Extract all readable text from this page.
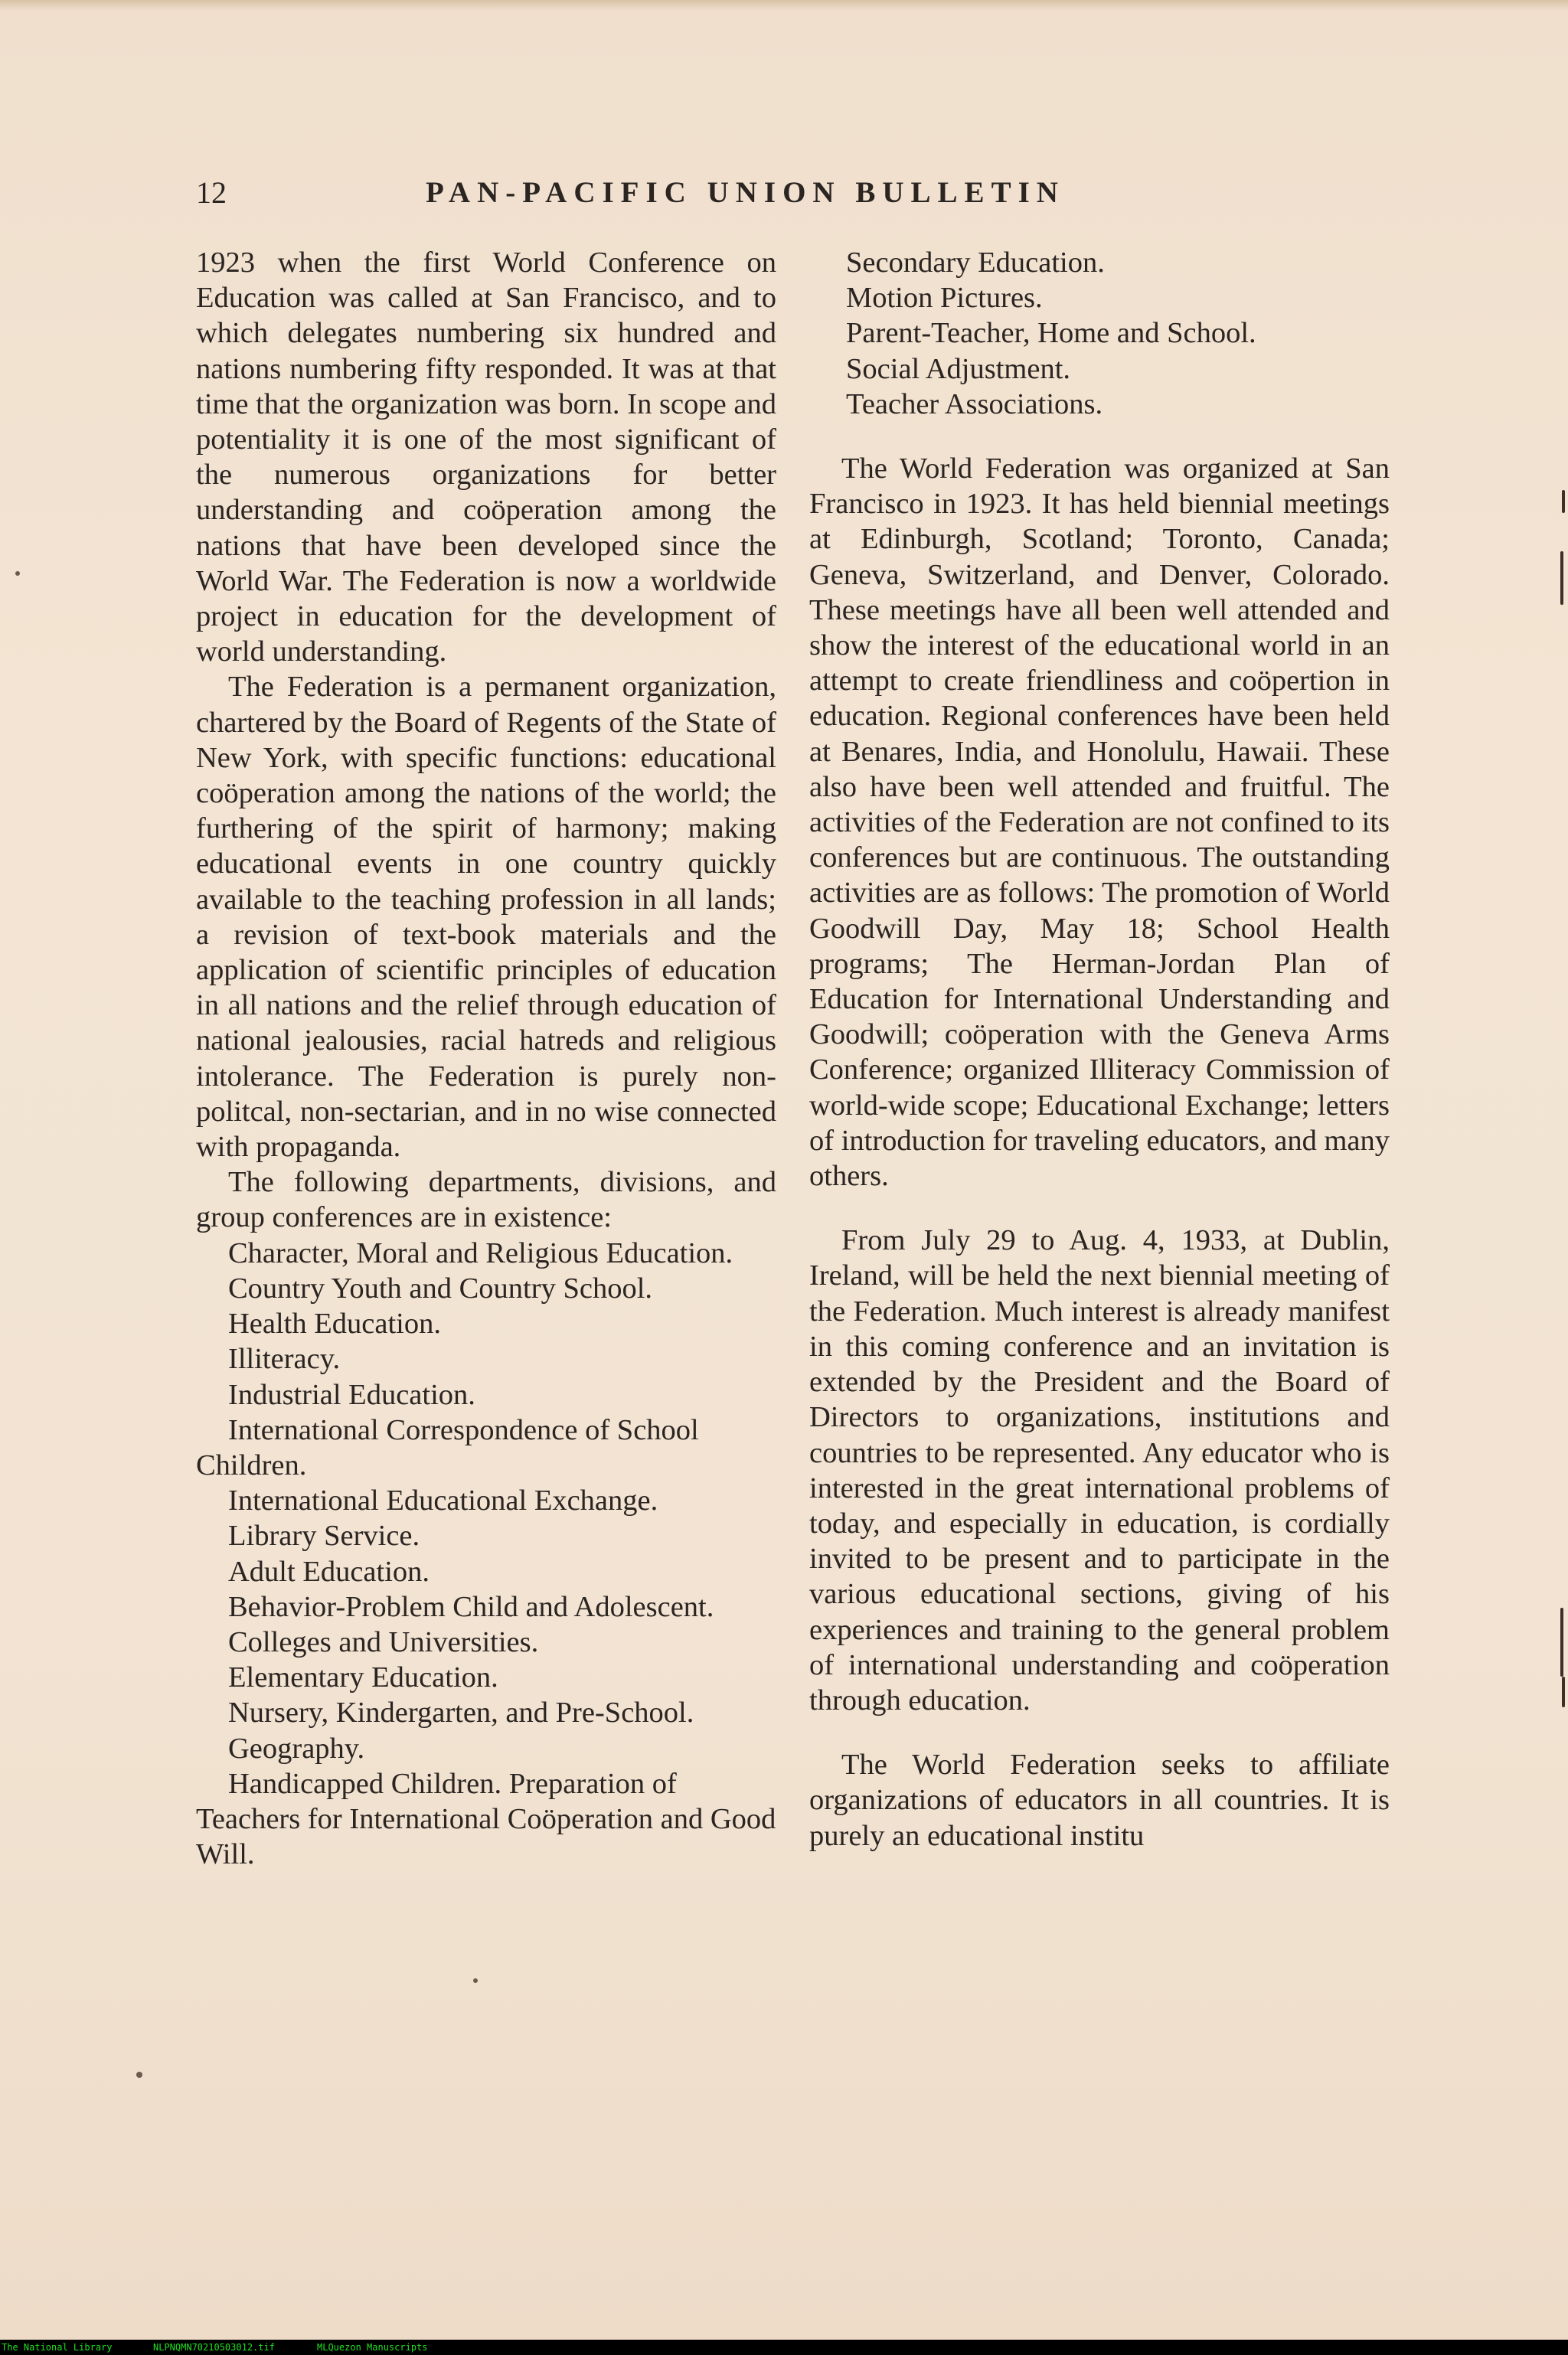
12	PAN-PACIFIC UNION BULLETIN

1923 when the first World Conference on Education was called at San Francisco, and to which delegates numbering six hundred and nations numbering fifty responded. It was at that time that the organization was born. In scope and potentiality it is one of the most significant of the numerous organizations for better understanding and coöperation among the nations that have been developed since the World War. The Federation is now a worldwide project in education for the development of world understanding.

The Federation is a permanent organization, chartered by the Board of Regents of the State of New York, with specific functions: educational coöperation among the nations of the world; the furthering of the spirit of harmony; making educational events in one country quickly available to the teaching profession in all lands; a revision of text-book materials and the application of scientific principles of education in all nations and the relief through education of national jealousies, racial hatreds and religious intolerance. The Federation is purely non-politcal, non-sectarian, and in no wise connected with propaganda.

The following departments, divisions, and group conferences are in existence:

Character, Moral and Religious Education.
Country Youth and Country School.
Health Education.
Illiteracy.
Industrial Education.
International Correspondence of School Children.
International Educational Exchange.
Library Service.
Adult Education.
Behavior-Problem Child and Adolescent.
Colleges and Universities.
Elementary Education.
Nursery, Kindergarten, and Pre-School.
Geography.
Handicapped Children. Preparation of Teachers for International Coöperation and Good Will.
Secondary Education.
Motion Pictures.
Parent-Teacher, Home and School.
Social Adjustment.
Teacher Associations.

The World Federation was organized at San Francisco in 1923. It has held biennial meetings at Edinburgh, Scotland; Toronto, Canada; Geneva, Switzerland, and Denver, Colorado. These meetings have all been well attended and show the interest of the educational world in an attempt to create friendliness and coöpertion in education. Regional conferences have been held at Benares, India, and Honolulu, Hawaii. These also have been well attended and fruitful. The activities of the Federation are not confined to its conferences but are continuous. The outstanding activities are as follows: The promotion of World Goodwill Day, May 18; School Health programs; The Herman-Jordan Plan of Education for International Understanding and Goodwill; coöperation with the Geneva Arms Conference; organized Illiteracy Commission of world-wide scope; Educational Exchange; letters of introduction for traveling educators, and many others.

From July 29 to Aug. 4, 1933, at Dublin, Ireland, will be held the next biennial meeting of the Federation. Much interest is already manifest in this coming conference and an invitation is extended by the President and the Board of Directors to organizations, institutions and countries to be represented. Any educator who is interested in the great international problems of today, and especially in education, is cordially invited to be present and to participate in the various educational sections, giving of his experiences and training to the general problem of international understanding and coöperation through education.

The World Federation seeks to affiliate organizations of educators in all countries. It is purely an educational institu

The National Library	NLPNQMN70210503012.tif	MLQuezon Manuscripts
